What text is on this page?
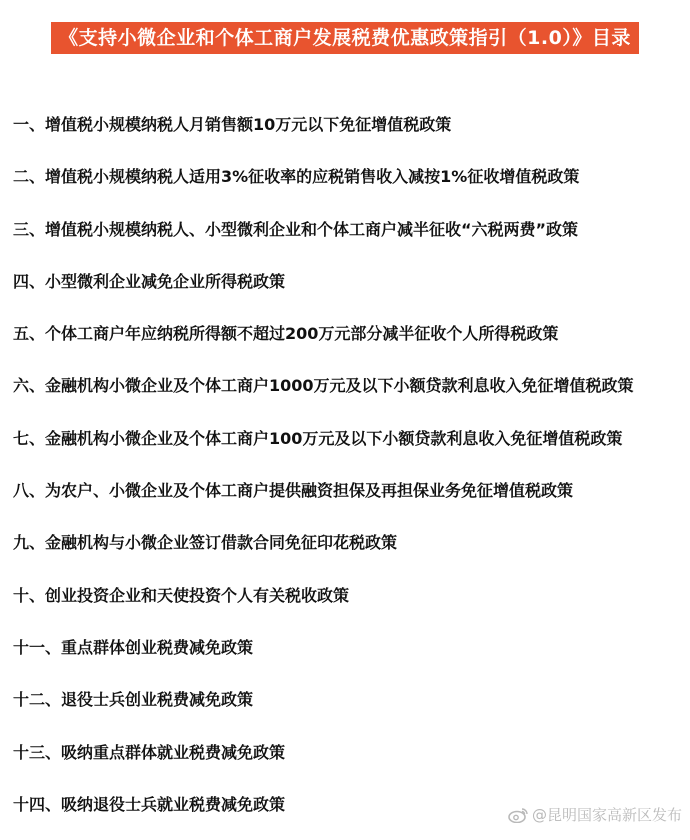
《支持小微企业和个体工商户发展税费优惠政策指引（1.0）》目录
一、增值税小规模纳税人月销售额10万元以下免征增值税政策
二、增值税小规模纳税人适用3%征收率的应税销售收入减按1%征收增值税政策
三、增值税小规模纳税人、小型微利企业和个体工商户减半征收“六税两费”政策
四、小型微利企业减免企业所得税政策
五、个体工商户年应纳税所得额不超过200万元部分减半征收个人所得税政策
六、金融机构小微企业及个体工商户1000万元及以下小额贷款利息收入免征增值税政策
七、金融机构小微企业及个体工商户100万元及以下小额贷款利息收入免征增值税政策
八、为农户、小微企业及个体工商户提供融资担保及再担保业务免征增值税政策
九、金融机构与小微企业签订借款合同免征印花税政策
十、创业投资企业和天使投资个人有关税收政策
十一、重点群体创业税费减免政策
十二、退役士兵创业税费减免政策
十三、吸纳重点群体就业税费减免政策
十四、吸纳退役士兵就业税费减免政策
@昆明国家高新区发布
